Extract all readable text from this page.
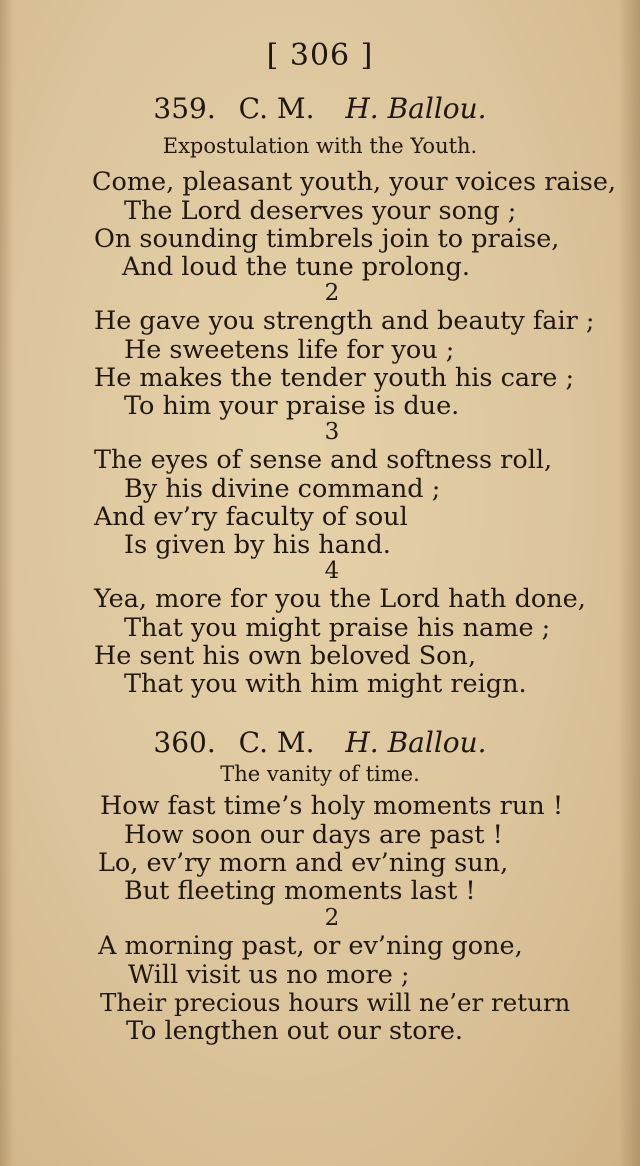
[ 306 ]
359. C. M. H. Ballou.
Expostulation with the Youth.
Come, pleasant youth, your voices raise,
The Lord deserves your song ;
On sounding timbrels join to praise,
And loud the tune prolong.
2
He gave you strength and beauty fair ;
He sweetens life for you ;
He makes the tender youth his care ;
To him your praise is due.
3
The eyes of sense and softness roll,
By his divine command ;
And ev’ry faculty of soul
Is given by his hand.
4
Yea, more for you the Lord hath done,
That you might praise his name ;
He sent his own beloved Son,
That you with him might reign.
360. C. M. H. Ballou.
The vanity of time.
How fast time’s holy moments run !
How soon our days are past !
Lo, ev’ry morn and ev’ning sun,
But fleeting moments last !
2
A morning past, or ev’ning gone,
Will visit us no more ;
Their precious hours will ne’er return
To lengthen out our store.
